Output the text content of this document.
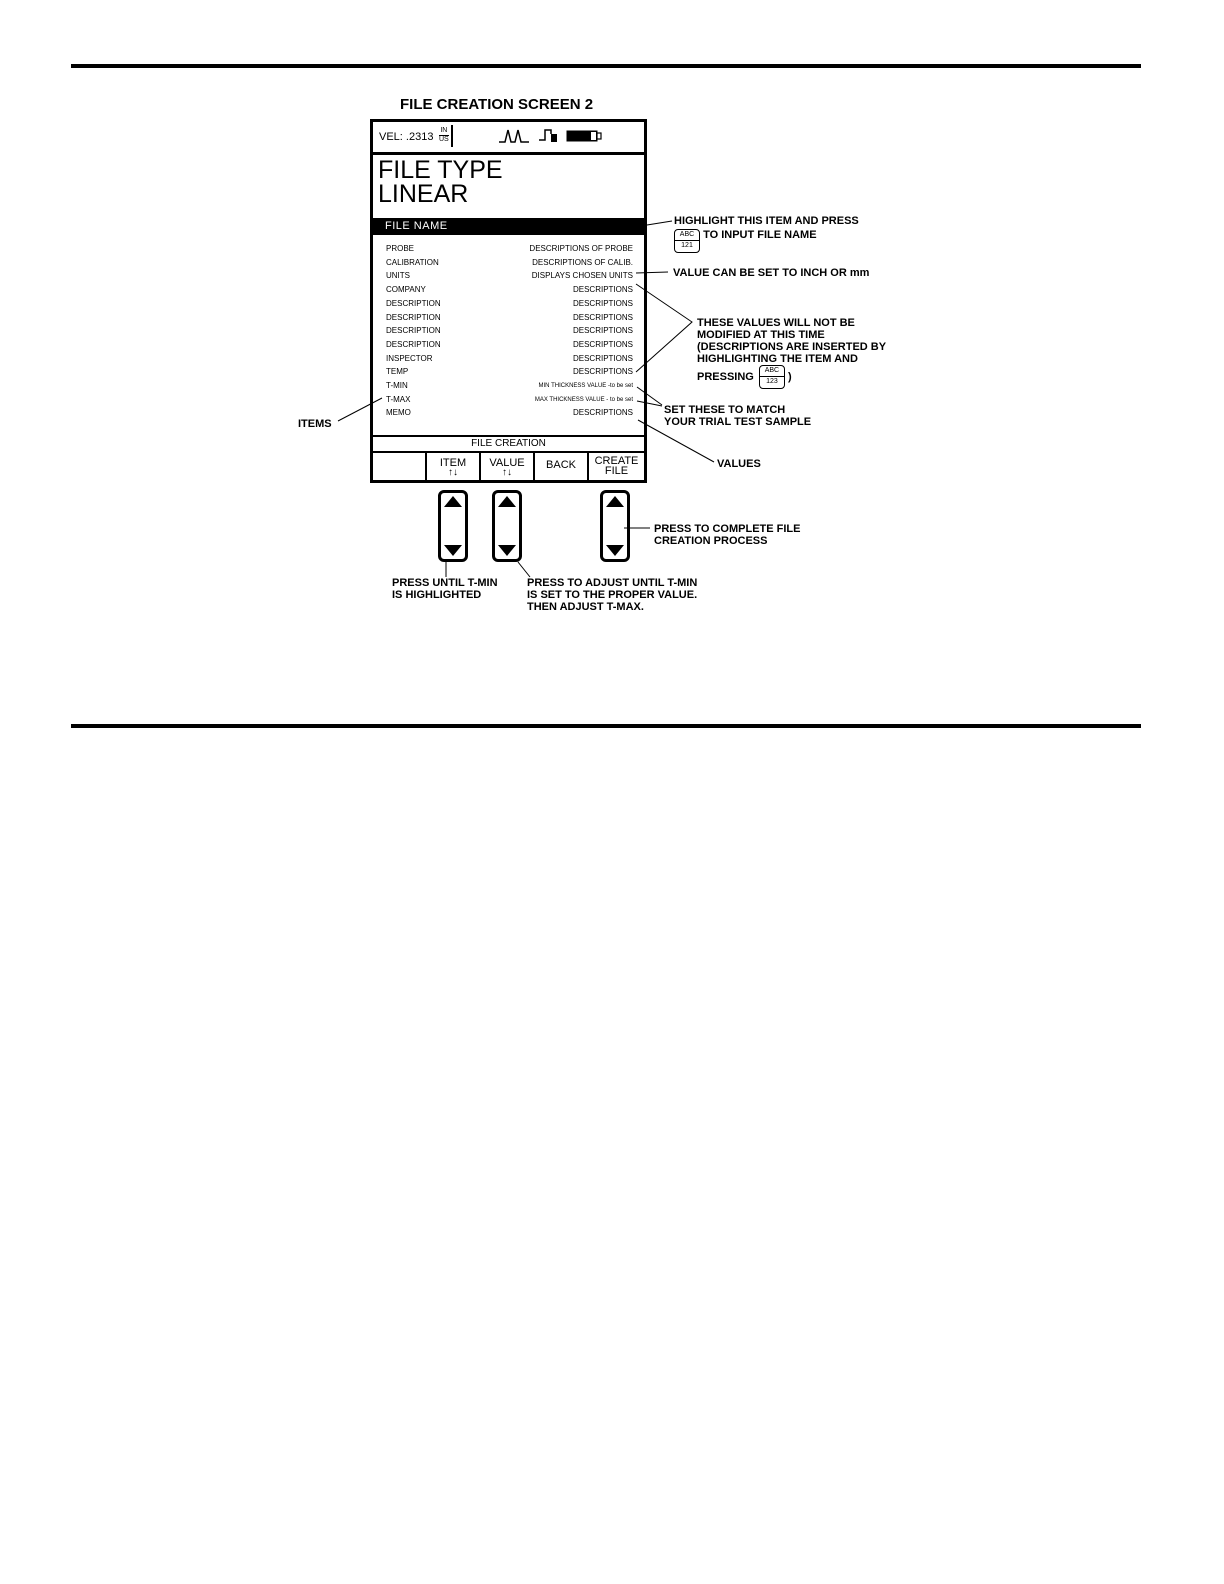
FILE CREATION SCREEN 2
VEL: .2313
IN
US
FILE TYPE
LINEAR
FILE NAME
PROBE	DESCRIPTIONS OF PROBE
CALIBRATION	DESCRIPTIONS OF CALIB.
UNITS	DISPLAYS CHOSEN UNITS
COMPANY	DESCRIPTIONS
DESCRIPTION	DESCRIPTIONS
DESCRIPTION	DESCRIPTIONS
DESCRIPTION	DESCRIPTIONS
DESCRIPTION	DESCRIPTIONS
INSPECTOR	DESCRIPTIONS
TEMP	DESCRIPTIONS
T-MIN	MIN THICKNESS VALUE -to be set
T-MAX	MAX THICKNESS VALUE - to be set
MEMO	DESCRIPTIONS
FILE CREATION
ITEM
↑↓
VALUE
↑↓
BACK	CREATE
FILE
HIGHLIGHT THIS ITEM AND PRESS
ABC
121
TO INPUT FILE NAME
VALUE CAN BE SET TO INCH OR mm
THESE VALUES WILL NOT BE
MODIFIED AT THIS TIME
(DESCRIPTIONS ARE INSERTED BY
HIGHLIGHTING THE ITEM AND
PRESSING
ABC
123 )
SET THESE TO MATCH
YOUR TRIAL TEST SAMPLE
ITEMS
VALUES
PRESS TO COMPLETE FILE
CREATION PROCESS
PRESS UNTIL T-MIN
IS HIGHLIGHTED
PRESS TO ADJUST UNTIL T-MIN
IS SET TO THE PROPER VALUE.
THEN ADJUST T-MAX.
